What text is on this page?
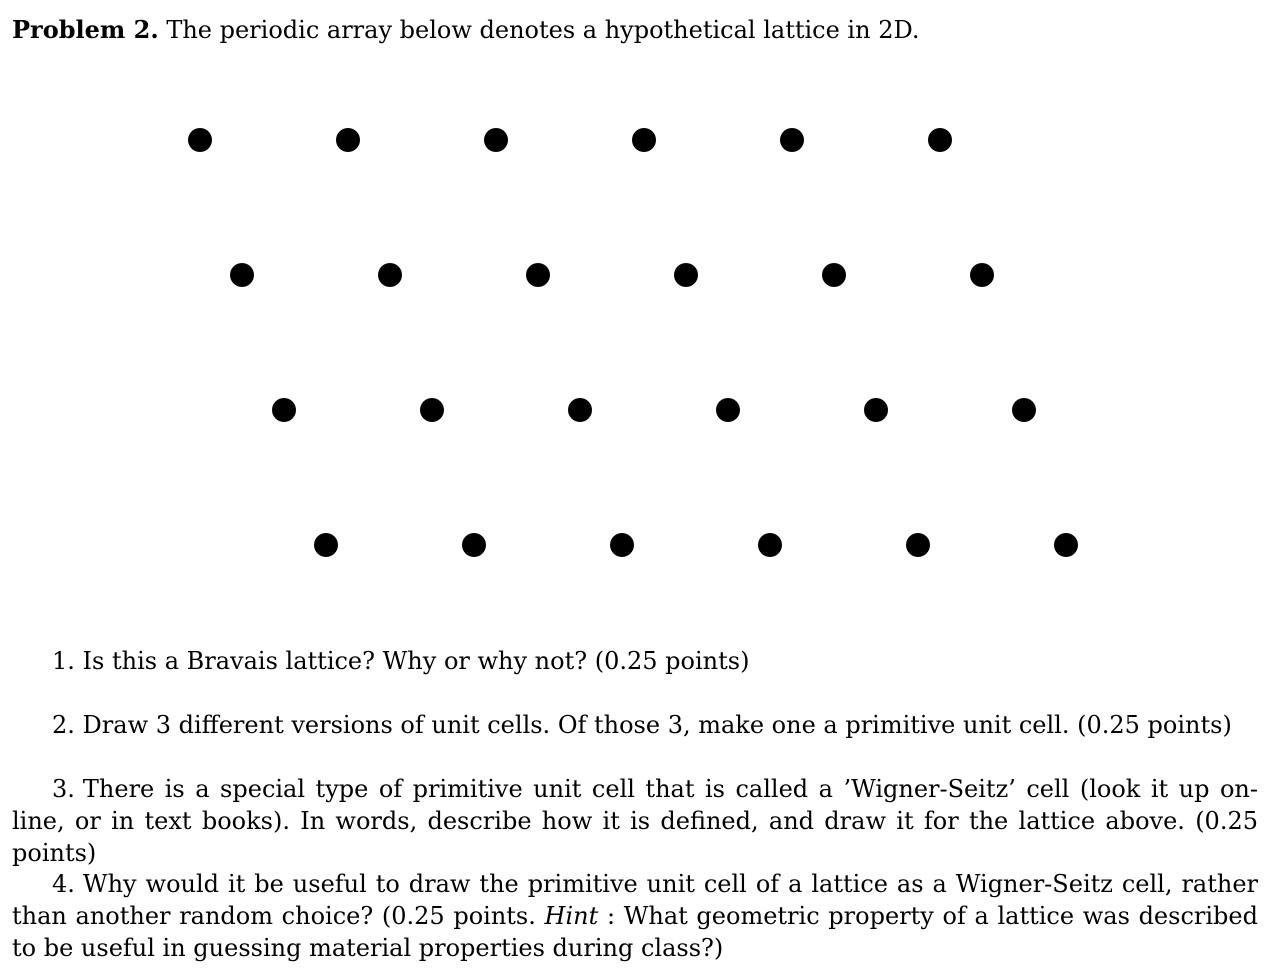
Problem 2. The periodic array below denotes a hypothetical lattice in 2D.
1. Is this a Bravais lattice? Why or why not? (0.25 points)
2. Draw 3 different versions of unit cells. Of those 3, make one a primitive unit cell. (0.25 points)
3. There is a special type of primitive unit cell that is called a ’Wigner-Seitz’ cell (look it up on-line, or in text books). In words, describe how it is defined, and draw it for the lattice above. (0.25 points)
4. Why would it be useful to draw the primitive unit cell of a lattice as a Wigner-Seitz cell, rather than another random choice? (0.25 points. Hint : What geometric property of a lattice was described to be useful in guessing material properties during class?)
